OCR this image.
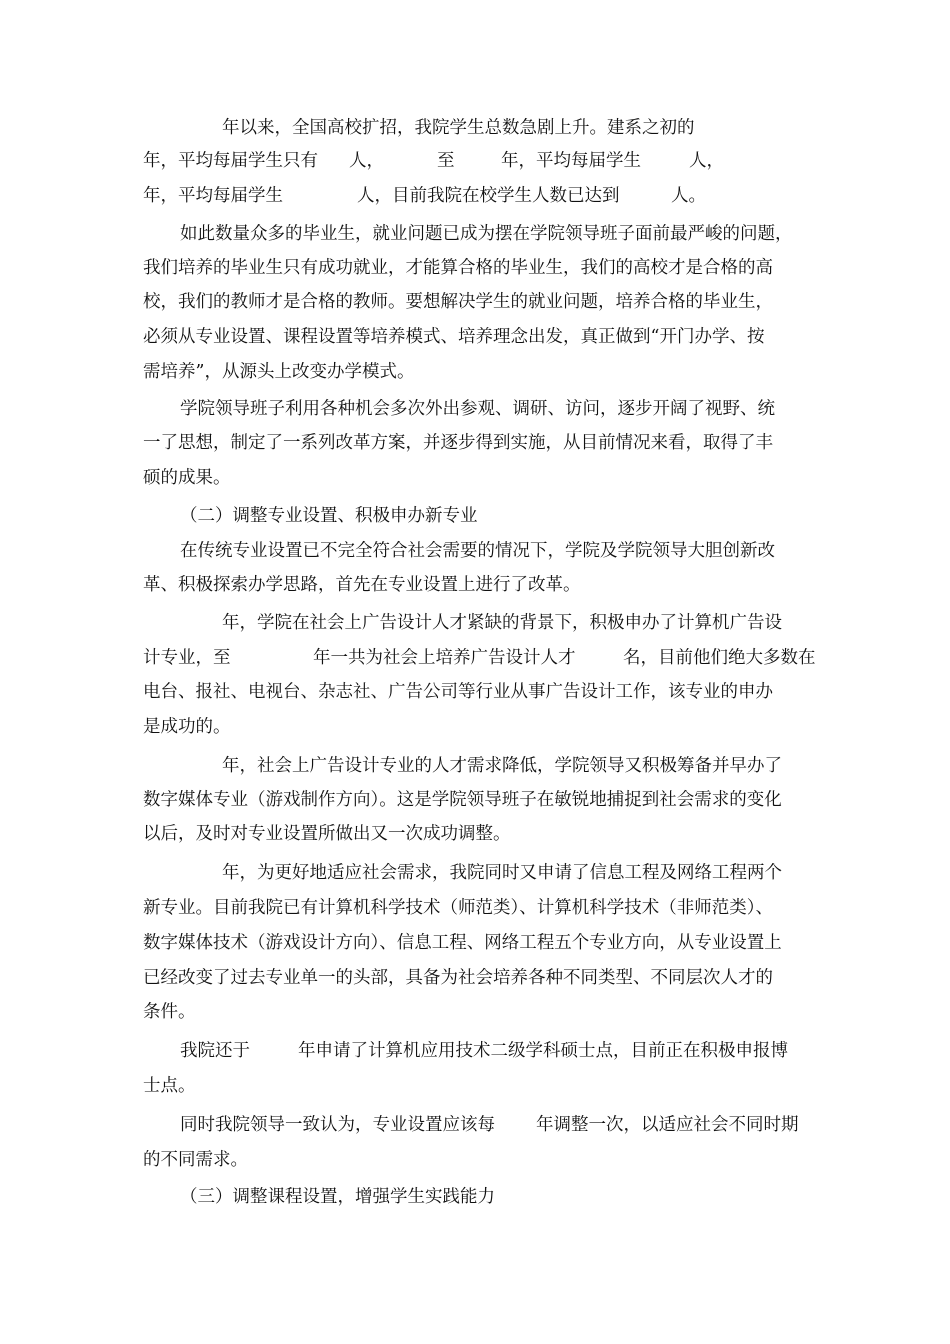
年以来，全国高校扩招，我院学生总数急剧上升。建系之初的
年，平均每届学生只有 人，	至	年，平均每届学生	人，
年，平均每届学生	人，目前我院在校学生人数已达到	人。
如此数量众多的毕业生，就业问题已成为摆在学院领导班子面前最严峻的问题，
我们培养的毕业生只有成功就业，才能算合格的毕业生，我们的高校才是合格的高
校，我们的教师才是合格的教师。要想解决学生的就业问题，培养合格的毕业生，
必须从专业设置、课程设置等培养模式、培养理念出发，真正做到“开门办学、按
需培养”，从源头上改变办学模式。
学院领导班子利用各种机会多次外出参观、调研、访问，逐步开阔了视野、统
一了思想，制定了一系列改革方案，并逐步得到实施，从目前情况来看，取得了丰
硕的成果。
（二）调整专业设置、积极申办新专业
在传统专业设置已不完全符合社会需要的情况下，学院及学院领导大胆创新改
革、积极探索办学思路，首先在专业设置上进行了改革。
年，学院在社会上广告设计人才紧缺的背景下，积极申办了计算机广告设
计专业，至	年一共为社会上培养广告设计人才	名，目前他们绝大多数在
电台、报社、电视台、杂志社、广告公司等行业从事广告设计工作，该专业的申办
是成功的。
年，社会上广告设计专业的人才需求降低，学院领导又积极筹备并早办了
数字媒体专业（游戏制作方向）。这是学院领导班子在敏锐地捕捉到社会需求的变化
以后，及时对专业设置所做出又一次成功调整。
年，为更好地适应社会需求，我院同时又申请了信息工程及网络工程两个
新专业。目前我院已有计算机科学技术（师范类）、计算机科学技术（非师范类）、
数字媒体技术（游戏设计方向）、信息工程、网络工程五个专业方向，从专业设置上
已经改变了过去专业单一的头部，具备为社会培养各种不同类型、不同层次人才的
条件。
我院还于	年申请了计算机应用技术二级学科硕士点，目前正在积极申报博
士点。
同时我院领导一致认为，专业设置应该每 年调整一次，以适应社会不同时期
的不同需求。
（三）调整课程设置，增强学生实践能力
